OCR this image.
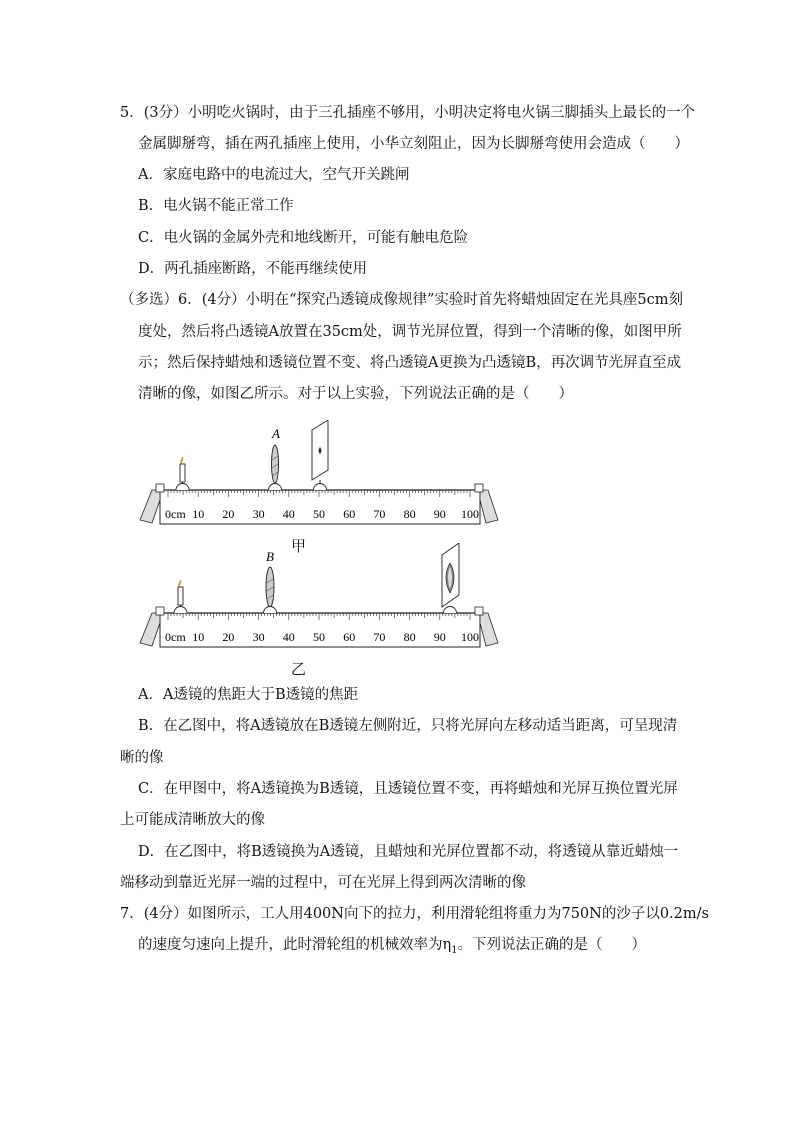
5．(3分）小明吃火锅时，由于三孔插座不够用，小明决定将电火锅三脚插头上最长的一个
金属脚掰弯，插在两孔插座上使用，小华立刻阻止，因为长脚掰弯使用会造成（　　）
A．家庭电路中的电流过大，空气开关跳闸
B．电火锅不能正常工作
C．电火锅的金属外壳和地线断开，可能有触电危险
D．两孔插座断路，不能再继续使用
（多选）6．(4分）小明在“探究凸透镜成像规律”实验时首先将蜡烛固定在光具座5cm刻
度处，然后将凸透镜A放置在35cm处，调节光屏位置，得到一个清晰的像，如图甲所
示；然后保持蜡烛和透镜位置不变、将凸透镜A更换为凸透镜B，再次调节光屏直至成
清晰的像，如图乙所示。对于以上实验，下列说法正确的是（　　）
A
0cm 10 20 30 40 50 60 70 80 90 100
甲
B
0cm 10 20 30 40 50 60 70 80 90 100
乙
A．A透镜的焦距大于B透镜的焦距
B．在乙图中，将A透镜放在B透镜左侧附近，只将光屏向左移动适当距离，可呈现清
晰的像
C．在甲图中，将A透镜换为B透镜，且透镜位置不变，再将蜡烛和光屏互换位置光屏
上可能成清晰放大的像
D．在乙图中，将B透镜换为A透镜，且蜡烛和光屏位置都不动，将透镜从靠近蜡烛一
端移动到靠近光屏一端的过程中，可在光屏上得到两次清晰的像
7．(4分）如图所示，工人用400N向下的拉力，利用滑轮组将重力为750N的沙子以0.2m/s
的速度匀速向上提升，此时滑轮组的机械效率为$\eta_1$。下列说法正确的是（　　）
